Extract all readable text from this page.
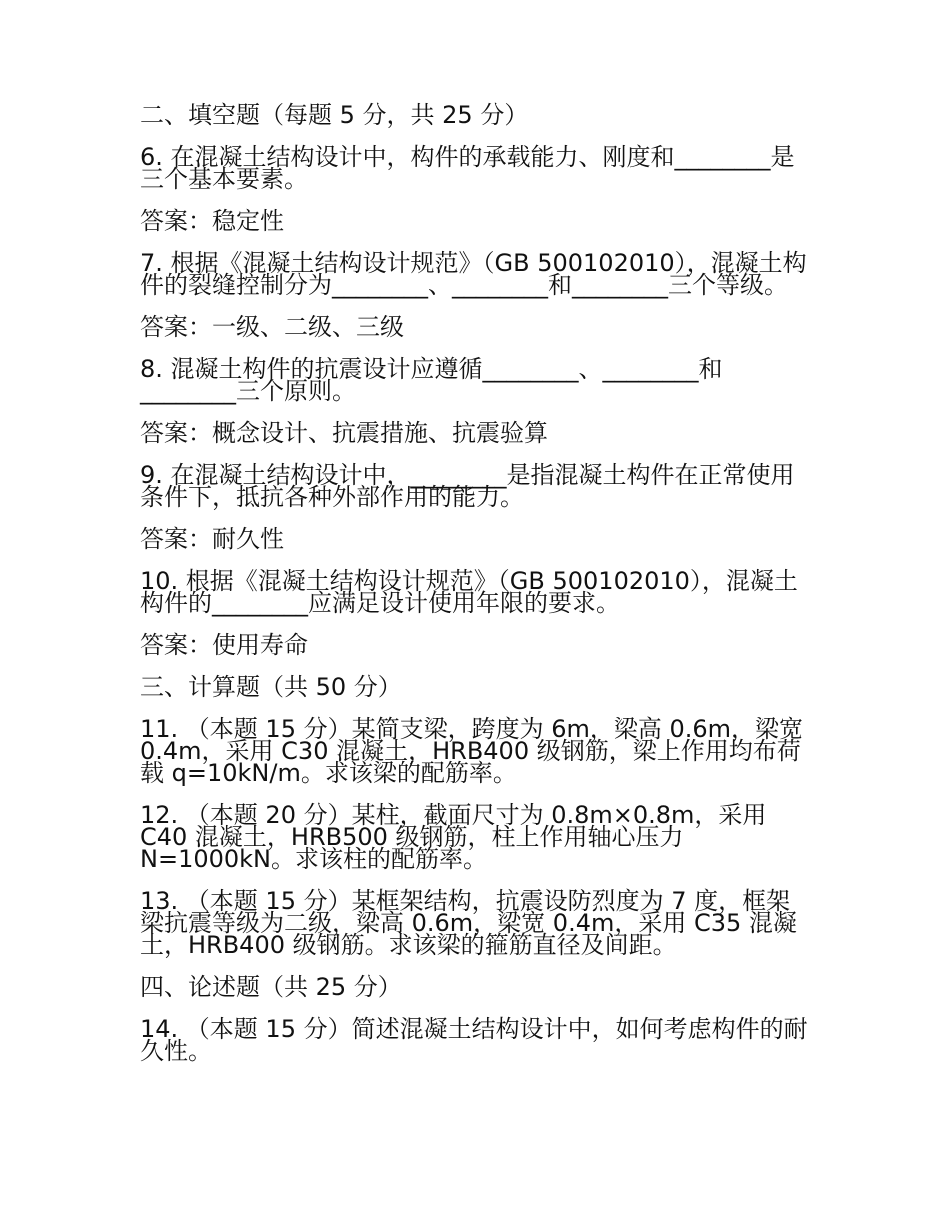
二、填空题（每题 5 分，共 25 分）
6. 在混凝土结构设计中，构件的承载能力、刚度和________是三个基本要素。
答案：稳定性
7. 根据《混凝土结构设计规范》（GB 500102010），混凝土构件的裂缝控制分为________、________和________三个等级。
答案：一级、二级、三级
8. 混凝土构件的抗震设计应遵循________、________和________三个原则。
答案：概念设计、抗震措施、抗震验算
9. 在混凝土结构设计中，________是指混凝土构件在正常使用条件下，抵抗各种外部作用的能力。
答案：耐久性
10. 根据《混凝土结构设计规范》（GB 500102010），混凝土构件的________应满足设计使用年限的要求。
答案：使用寿命
三、计算题（共 50 分）
11. （本题 15 分）某简支梁，跨度为 6m，梁高 0.6m，梁宽 0.4m，采用 C30 混凝土，HRB400 级钢筋，梁上作用均布荷载 q=10kN/m。求该梁的配筋率。
12. （本题 20 分）某柱，截面尺寸为 0.8m×0.8m，采用 C40 混凝土，HRB500 级钢筋，柱上作用轴心压力 N=1000kN。求该柱的配筋率。
13. （本题 15 分）某框架结构，抗震设防烈度为 7 度，框架梁抗震等级为二级，梁高 0.6m，梁宽 0.4m，采用 C35 混凝土，HRB400 级钢筋。求该梁的箍筋直径及间距。
四、论述题（共 25 分）
14. （本题 15 分）简述混凝土结构设计中，如何考虑构件的耐久性。
